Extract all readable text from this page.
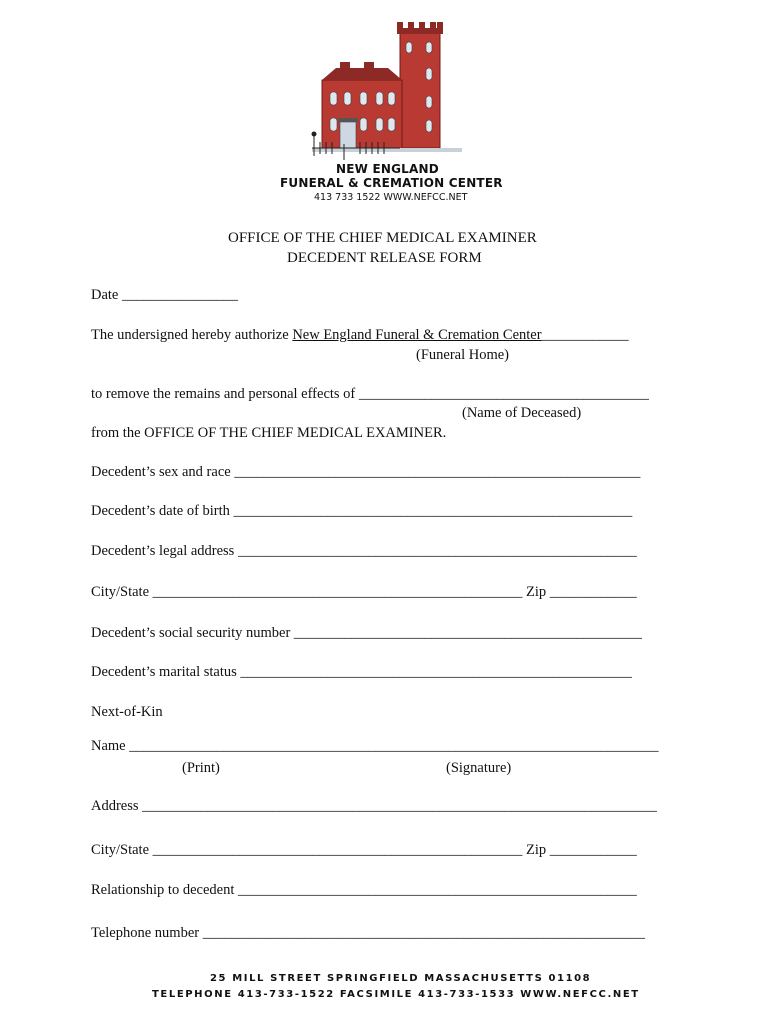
NEW ENGLAND
FUNERAL & CREMATION CENTER
413 733 1522 WWW.NEFCC.NET
OFFICE OF THE CHIEF MEDICAL EXAMINER
DECEDENT RELEASE FORM
Date ________________
The undersigned hereby authorize New England Funeral & Cremation Center____________
(Funeral Home)
to remove the remains and personal effects of ________________________________________
(Name of Deceased)
from the OFFICE OF THE CHIEF MEDICAL EXAMINER.
Decedent’s sex and race ________________________________________________________
Decedent’s date of birth _______________________________________________________
Decedent’s legal address _______________________________________________________
City/State ___________________________________________________ Zip ____________
Decedent’s social security number ________________________________________________
Decedent’s marital status ______________________________________________________
Next-of-Kin
Name _________________________________________________________________________
(Print)	(Signature)
Address _______________________________________________________________________
City/State ___________________________________________________ Zip ____________
Relationship to decedent _______________________________________________________
Telephone number _____________________________________________________________
25 MILL STREET SPRINGFIELD MASSACHUSETTS 01108
TELEPHONE 413-733-1522 FACSIMILE 413-733-1533 WWW.NEFCC.NET
